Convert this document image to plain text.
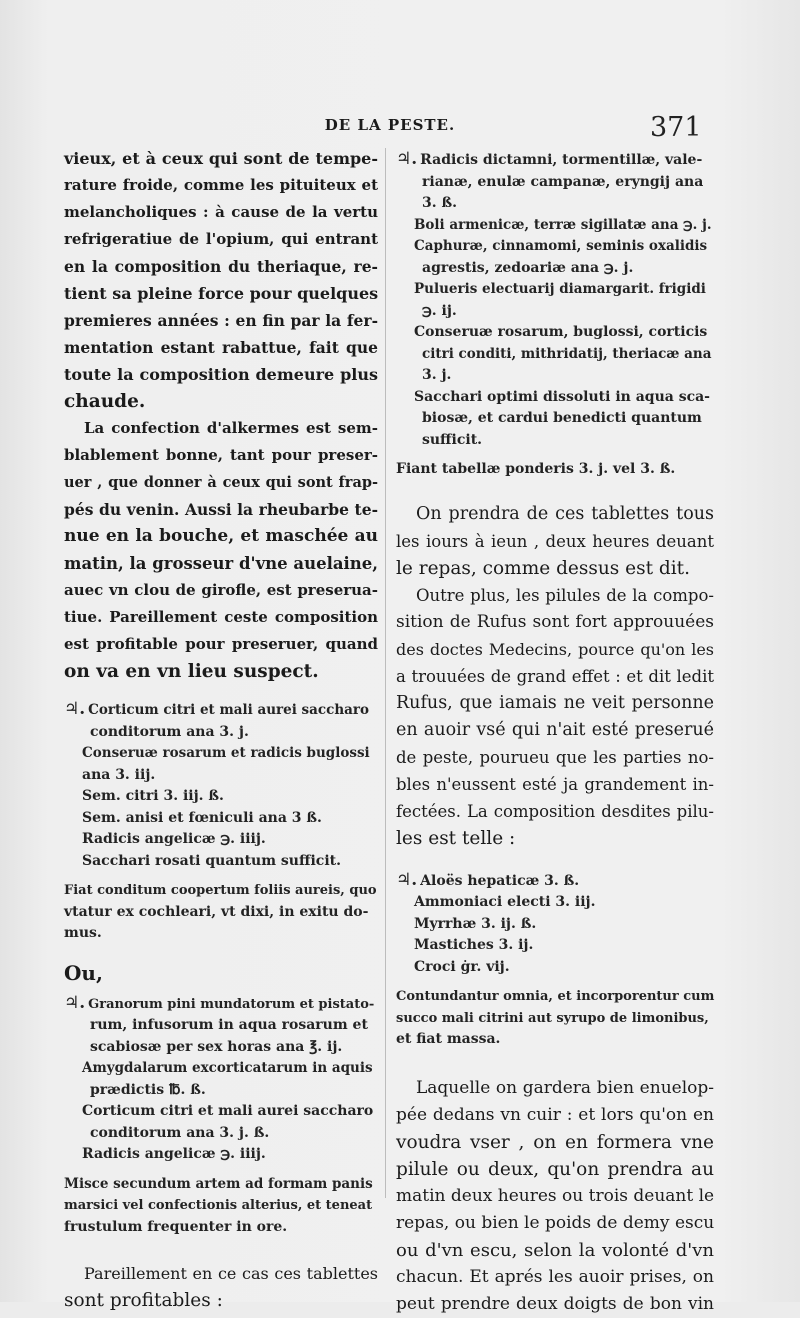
DE LA PESTE.	371
vieux, et à ceux qui sont de tempe-
rature froide, comme les pituiteux et
melancholiques : à cause de la vertu
refrigeratiue de l'opium, qui entrant
en la composition du theriaque, re-
tient sa pleine force pour quelques
premieres années : en fin par la fer-
mentation estant rabattue, fait que
toute la composition demeure plus
chaude.
La confection d'alkermes est sem-
blablement bonne, tant pour preser-
uer , que donner à ceux qui sont frap-
pés du venin. Aussi la rheubarbe te-
nue en la bouche, et maschée au
matin, la grosseur d'vne auelaine,
auec vn clou de girofle, est preserua-
tiue. Pareillement ceste composition
est profitable pour preseruer, quand
on va en vn lieu suspect.
♃. Corticum citri et mali aurei saccharo
conditorum ana 3. j.
Conseruæ rosarum et radicis buglossi
ana 3. iij.
Sem. citri 3. iij. ß.
Sem. anisi et fœniculi ana 3 ß.
Radicis angelicæ ℈. iiij.
Sacchari rosati quantum sufficit.
Fiat conditum coopertum foliis aureis, quo
vtatur ex cochleari, vt dixi, in exitu do-
mus.
Ou,
♃. Granorum pini mundatorum et pistato-
rum, infusorum in aqua rosarum et
scabiosæ per sex horas ana ℥. ij.
Amygdalarum excorticatarum in aquis
prædictis ℔. ß.
Corticum citri et mali aurei saccharo
conditorum ana 3. j. ß.
Radicis angelicæ ℈. iiij.
Misce secundum artem ad formam panis
marsici vel confectionis alterius, et teneat
frustulum frequenter in ore.
Pareillement en ce cas ces tablettes
sont profitables :
♃. Radicis dictamni, tormentillæ, vale-
rianæ, enulæ campanæ, eryngij ana
3. ß.
Boli armenicæ, terræ sigillatæ ana ℈. j.
Caphuræ, cinnamomi, seminis oxalidis
agrestis, zedoariæ ana ℈. j.
Pulueris electuarij diamargarit. frigidi
℈. ij.
Conseruæ rosarum, buglossi, corticis
citri conditi, mithridatij, theriacæ ana
3. j.
Sacchari optimi dissoluti in aqua sca-
biosæ, et cardui benedicti quantum
sufficit.
Fiant tabellæ ponderis 3. j. vel 3. ß.
On prendra de ces tablettes tous
les iours à ieun , deux heures deuant
le repas, comme dessus est dit.
Outre plus, les pilules de la compo-
sition de Rufus sont fort approuuées
des doctes Medecins, pource qu'on les
a trouuées de grand effet : et dit ledit
Rufus, que iamais ne veit personne
en auoir vsé qui n'ait esté preserué
de peste, pourueu que les parties no-
bles n'eussent esté ja grandement in-
fectées. La composition desdites pilu-
les est telle :
♃. Aloës hepaticæ 3. ß.
Ammoniaci electi 3. iij.
Myrrhæ 3. ij. ß.
Mastiches 3. ij.
Croci ġr. vij.
Contundantur omnia, et incorporentur cum
succo mali citrini aut syrupo de limonibus,
et fiat massa.
Laquelle on gardera bien enuelop-
pée dedans vn cuir : et lors qu'on en
voudra vser , on en formera vne
pilule ou deux, qu'on prendra au
matin deux heures ou trois deuant le
repas, ou bien le poids de demy escu
ou d'vn escu, selon la volonté d'vn
chacun. Et aprés les auoir prises, on
peut prendre deux doigts de bon vin
